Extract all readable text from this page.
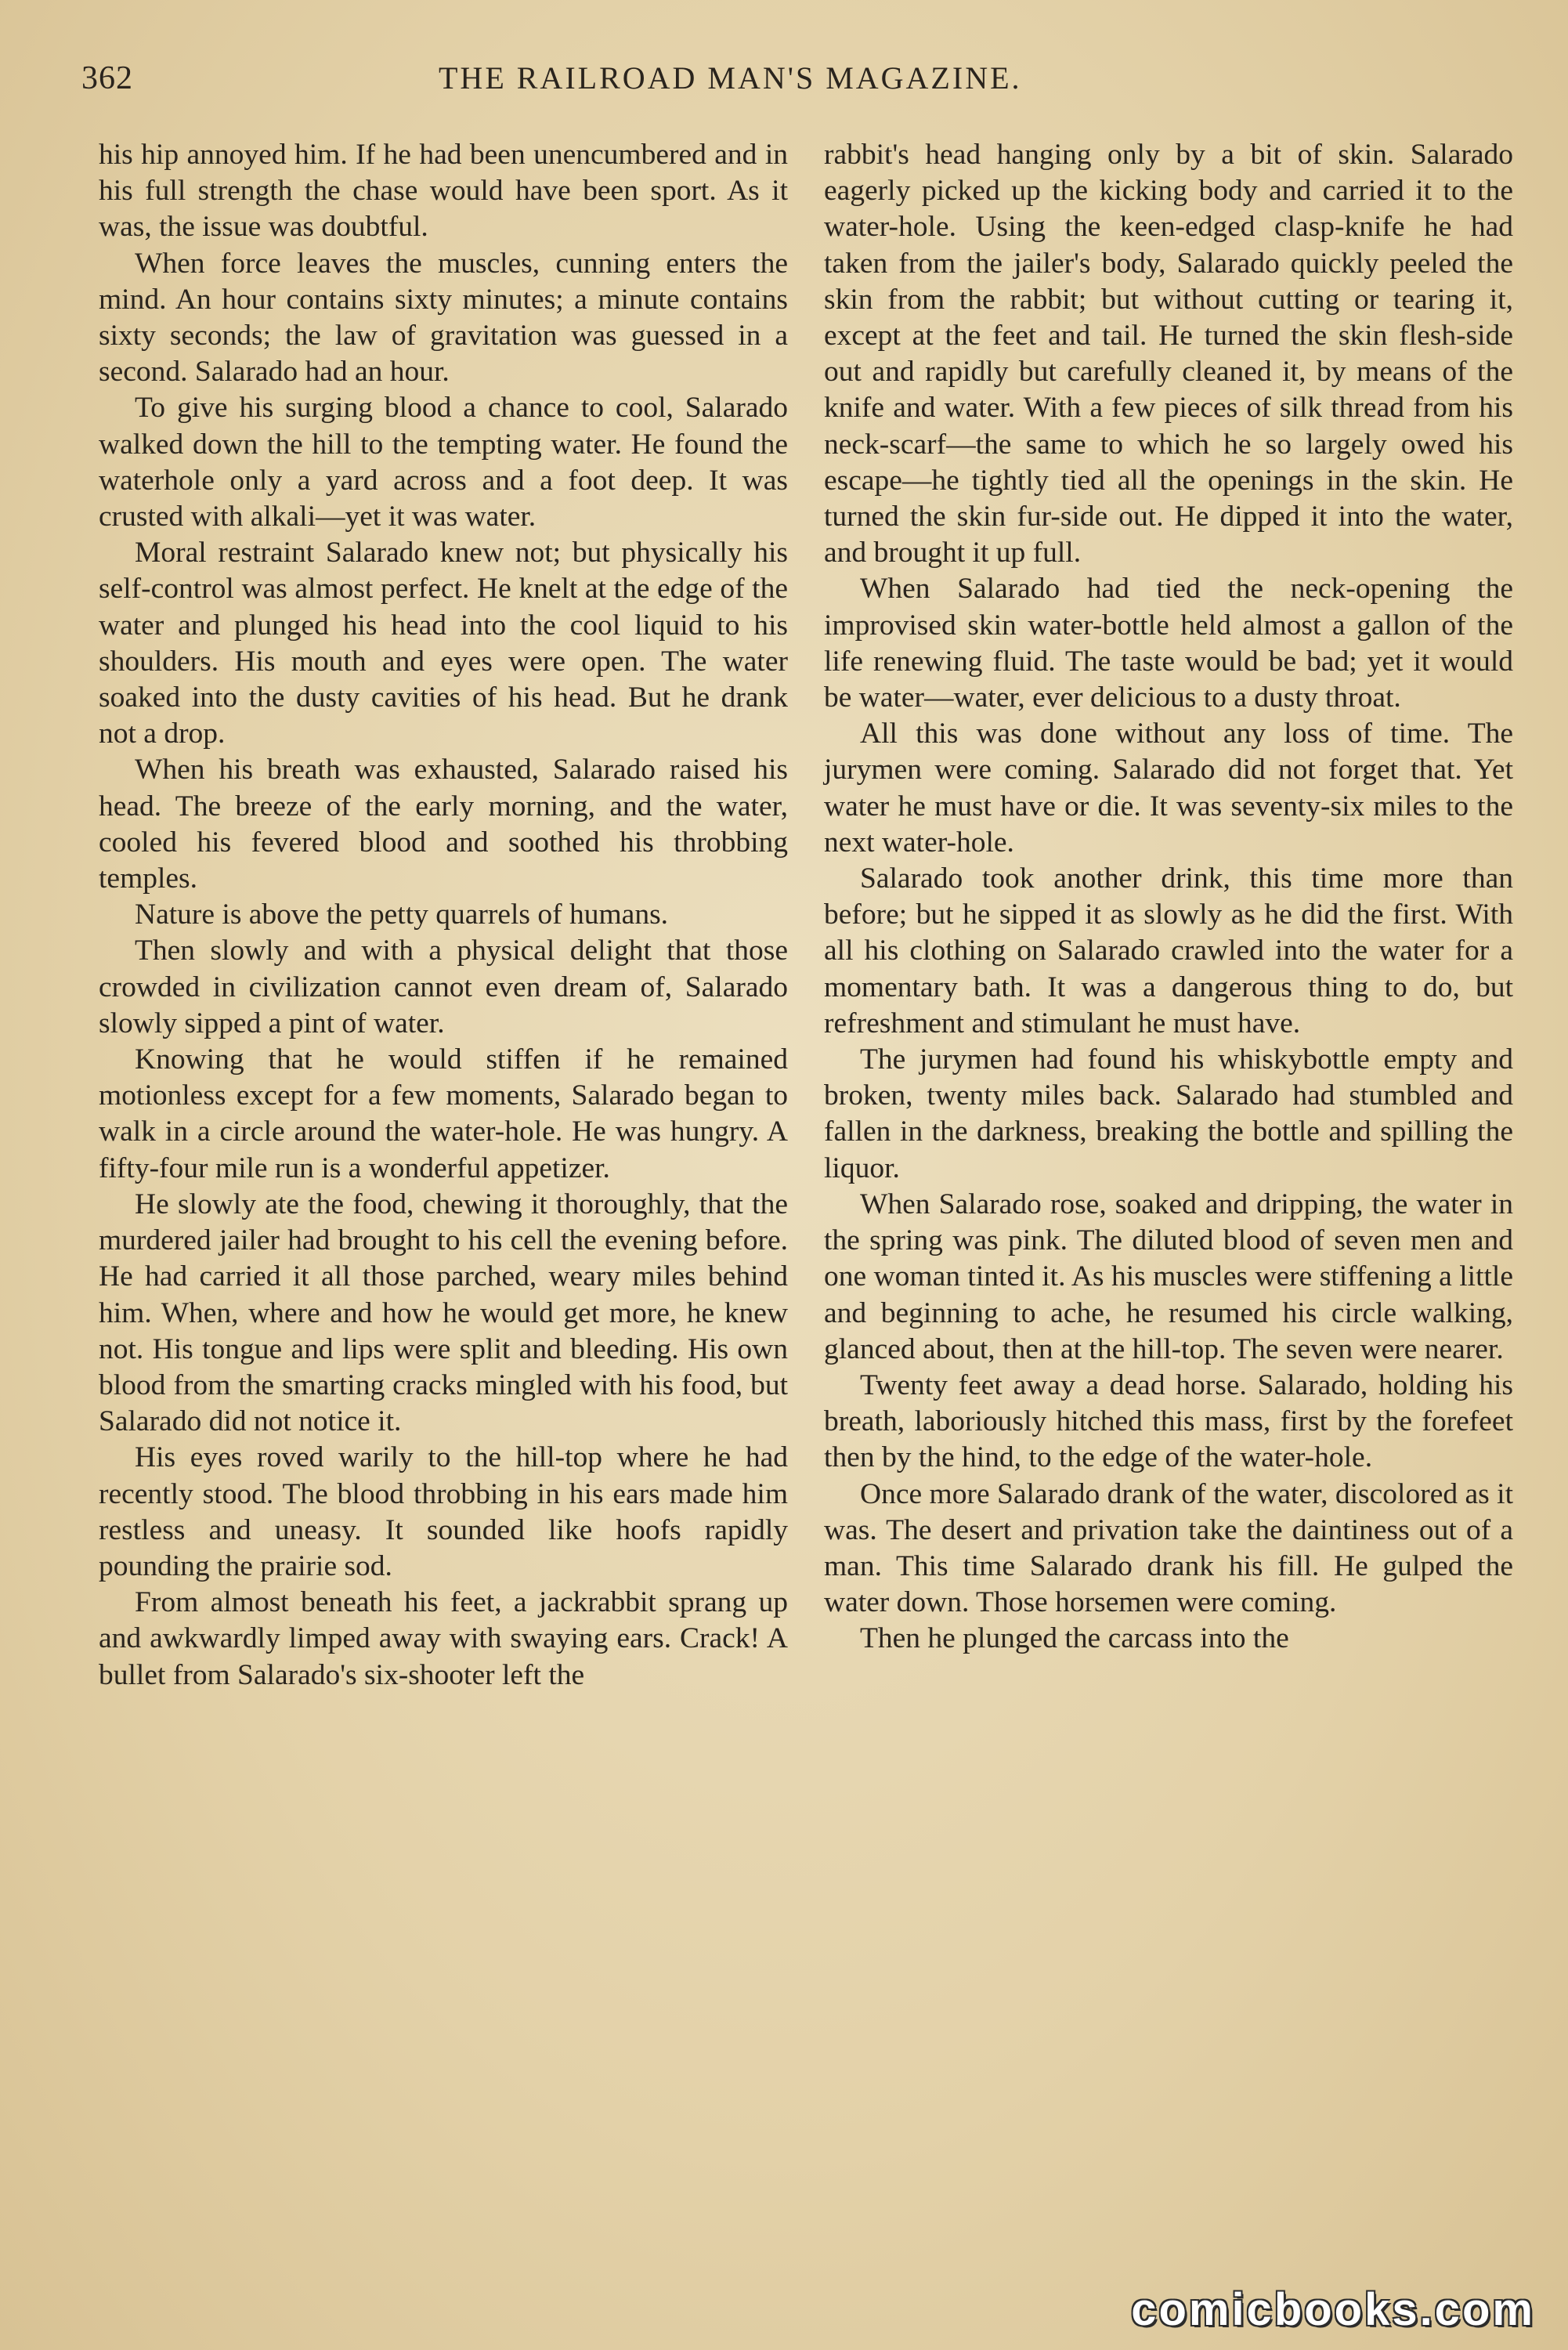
362	THE RAILROAD MAN'S MAGAZINE.

his hip annoyed him. If he had been unencumbered and in his full strength the chase would have been sport. As it was, the issue was doubtful.

When force leaves the muscles, cunning enters the mind. An hour contains sixty minutes; a minute contains sixty seconds; the law of gravitation was guessed in a second. Salarado had an hour.

To give his surging blood a chance to cool, Salarado walked down the hill to the tempting water. He found the waterhole only a yard across and a foot deep. It was crusted with alkali—yet it was water.

Moral restraint Salarado knew not; but physically his self-control was almost perfect. He knelt at the edge of the water and plunged his head into the cool liquid to his shoulders. His mouth and eyes were open. The water soaked into the dusty cavities of his head. But he drank not a drop.

When his breath was exhausted, Salarado raised his head. The breeze of the early morning, and the water, cooled his fevered blood and soothed his throbbing temples.

Nature is above the petty quarrels of humans.

Then slowly and with a physical delight that those crowded in civilization cannot even dream of, Salarado slowly sipped a pint of water.

Knowing that he would stiffen if he remained motionless except for a few moments, Salarado began to walk in a circle around the water-hole. He was hungry. A fifty-four mile run is a wonderful appetizer.

He slowly ate the food, chewing it thoroughly, that the murdered jailer had brought to his cell the evening before. He had carried it all those parched, weary miles behind him. When, where and how he would get more, he knew not. His tongue and lips were split and bleeding. His own blood from the smarting cracks mingled with his food, but Salarado did not notice it.

His eyes roved warily to the hill-top where he had recently stood. The blood throbbing in his ears made him restless and uneasy. It sounded like hoofs rapidly pounding the prairie sod.

From almost beneath his feet, a jackrabbit sprang up and awkwardly limped away with swaying ears. Crack! A bullet from Salarado's six-shooter left the

rabbit's head hanging only by a bit of skin. Salarado eagerly picked up the kicking body and carried it to the water-hole. Using the keen-edged clasp-knife he had taken from the jailer's body, Salarado quickly peeled the skin from the rabbit; but without cutting or tearing it, except at the feet and tail. He turned the skin flesh-side out and rapidly but carefully cleaned it, by means of the knife and water. With a few pieces of silk thread from his neck-scarf—the same to which he so largely owed his escape—he tightly tied all the openings in the skin. He turned the skin fur-side out. He dipped it into the water, and brought it up full.

When Salarado had tied the neck-opening the improvised skin water-bottle held almost a gallon of the life renewing fluid. The taste would be bad; yet it would be water—water, ever delicious to a dusty throat.

All this was done without any loss of time. The jurymen were coming. Salarado did not forget that. Yet water he must have or die. It was seventy-six miles to the next water-hole.

Salarado took another drink, this time more than before; but he sipped it as slowly as he did the first. With all his clothing on Salarado crawled into the water for a momentary bath. It was a dangerous thing to do, but refreshment and stimulant he must have.

The jurymen had found his whiskybottle empty and broken, twenty miles back. Salarado had stumbled and fallen in the darkness, breaking the bottle and spilling the liquor.

When Salarado rose, soaked and dripping, the water in the spring was pink. The diluted blood of seven men and one woman tinted it. As his muscles were stiffening a little and beginning to ache, he resumed his circle walking, glanced about, then at the hill-top. The seven were nearer.

Twenty feet away a dead horse. Salarado, holding his breath, laboriously hitched this mass, first by the forefeet then by the hind, to the edge of the water-hole.

Once more Salarado drank of the water, discolored as it was. The desert and privation take the daintiness out of a man. This time Salarado drank his fill. He gulped the water down. Those horsemen were coming.

Then he plunged the carcass into the

comicbooks.com
